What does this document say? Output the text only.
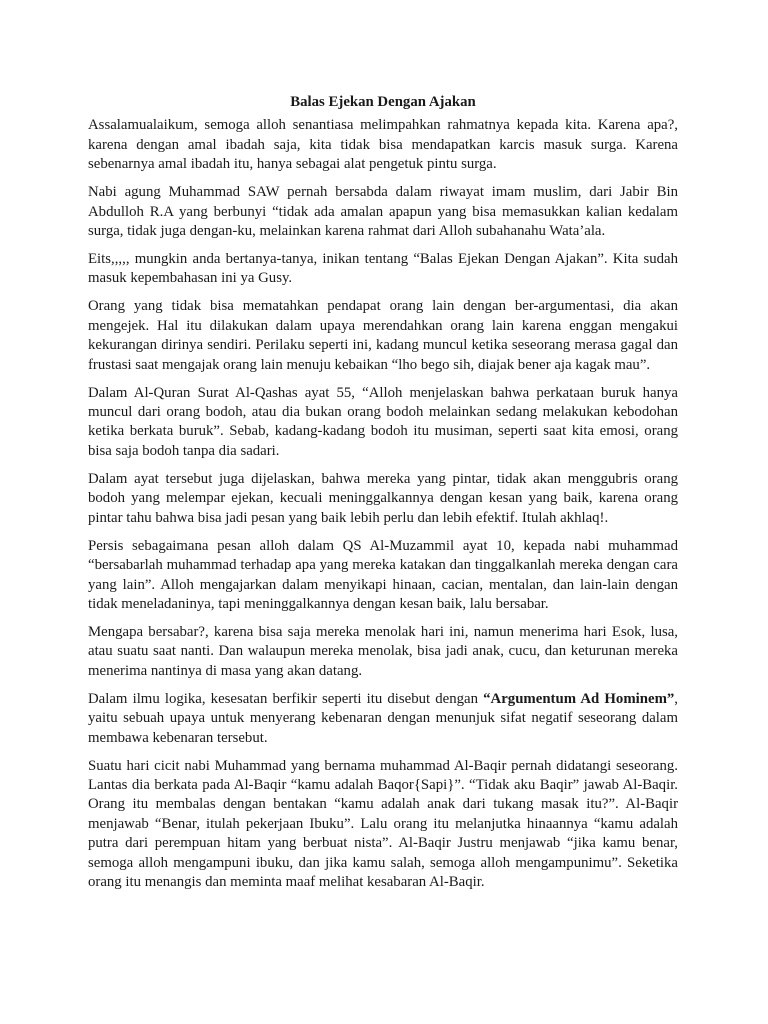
Balas Ejekan Dengan Ajakan

Assalamualaikum, semoga alloh senantiasa melimpahkan rahmatnya kepada kita. Karena apa?, karena dengan amal ibadah saja, kita tidak bisa mendapatkan karcis masuk surga. Karena sebenarnya amal ibadah itu, hanya sebagai alat pengetuk pintu surga.

Nabi agung Muhammad SAW pernah bersabda dalam riwayat imam muslim, dari Jabir Bin Abdulloh R.A yang berbunyi “tidak ada amalan apapun yang bisa memasukkan kalian kedalam surga, tidak juga dengan-ku, melainkan karena rahmat dari Alloh subahanahu Wata’ala.

Eits,,,,, mungkin anda bertanya-tanya, inikan tentang “Balas Ejekan Dengan Ajakan”. Kita sudah masuk kepembahasan ini ya Gusy.

Orang yang tidak bisa mematahkan pendapat orang lain dengan ber-argumentasi, dia akan mengejek. Hal itu dilakukan dalam upaya merendahkan orang lain karena enggan mengakui kekurangan dirinya sendiri. Perilaku seperti ini, kadang muncul ketika seseorang merasa gagal dan frustasi saat mengajak orang lain menuju kebaikan “lho bego sih, diajak bener aja kagak mau”.

Dalam Al-Quran Surat Al-Qashas ayat 55, “Alloh menjelaskan bahwa perkataan buruk hanya muncul dari orang bodoh, atau dia bukan orang bodoh melainkan sedang melakukan kebodohan ketika berkata buruk”. Sebab, kadang-kadang bodoh itu musiman, seperti saat kita emosi, orang bisa saja bodoh tanpa dia sadari.

Dalam ayat tersebut juga dijelaskan, bahwa mereka yang pintar, tidak akan menggubris orang bodoh yang melempar ejekan, kecuali meninggalkannya dengan kesan yang baik, karena orang pintar tahu bahwa bisa jadi pesan yang baik lebih perlu dan lebih efektif. Itulah akhlaq!.

Persis sebagaimana pesan alloh dalam QS Al-Muzammil ayat 10, kepada nabi muhammad “bersabarlah muhammad terhadap apa yang mereka katakan dan tinggalkanlah mereka dengan cara yang lain”. Alloh mengajarkan dalam menyikapi hinaan, cacian, mentalan, dan lain-lain dengan tidak meneladaninya, tapi meninggalkannya dengan kesan baik, lalu bersabar.

Mengapa bersabar?, karena bisa saja mereka menolak hari ini, namun menerima hari Esok, lusa, atau suatu saat nanti. Dan walaupun mereka menolak, bisa jadi anak, cucu, dan keturunan mereka menerima nantinya di masa yang akan datang.

Dalam ilmu logika, kesesatan berfikir seperti itu disebut dengan “Argumentum Ad Hominem”, yaitu sebuah upaya untuk menyerang kebenaran dengan menunjuk sifat negatif seseorang dalam membawa kebenaran tersebut.

Suatu hari cicit nabi Muhammad yang bernama muhammad Al-Baqir pernah didatangi seseorang. Lantas dia berkata pada Al-Baqir “kamu adalah Baqor{Sapi}”. “Tidak aku Baqir” jawab Al-Baqir. Orang itu membalas dengan bentakan “kamu adalah anak dari tukang masak itu?”. Al-Baqir menjawab “Benar, itulah pekerjaan Ibuku”. Lalu orang itu melanjutka hinaannya “kamu adalah putra dari perempuan hitam yang berbuat nista”. Al-Baqir Justru menjawab “jika kamu benar, semoga alloh mengampuni ibuku, dan jika kamu salah, semoga alloh mengampunimu”. Seketika orang itu menangis dan meminta maaf melihat kesabaran Al-Baqir.
